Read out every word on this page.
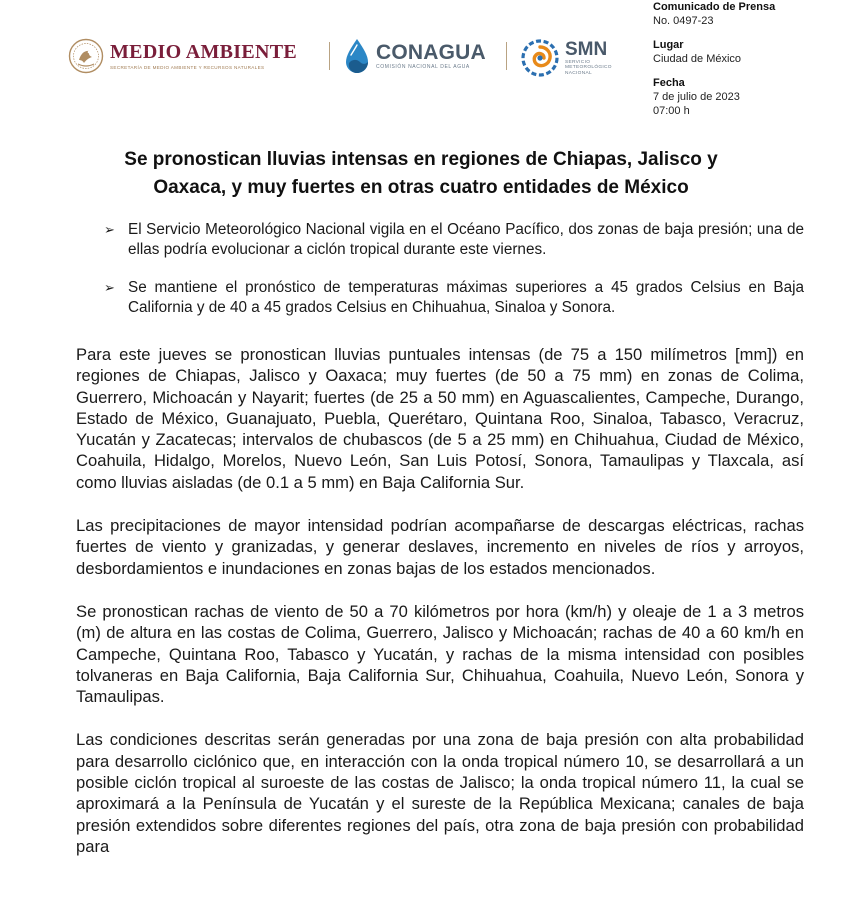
MEDIO AMBIENTE
SECRETARÍA DE MEDIO AMBIENTE Y RECURSOS NATURALES
CONAGUA
COMISIÓN NACIONAL DEL AGUA
SMN
SERVICIO
METEOROLÓGICO
NACIONAL
Comunicado de Prensa
No. 0497-23
Lugar
Ciudad de México
Fecha
7 de julio de 2023
07:00 h
Se pronostican lluvias intensas en regiones de Chiapas, Jalisco y
Oaxaca, y muy fuertes en otras cuatro entidades de México
➢ El Servicio Meteorológico Nacional vigila en el Océano Pacífico, dos zonas de baja presión; una de ellas podría evolucionar a ciclón tropical durante este viernes.
➢ Se mantiene el pronóstico de temperaturas máximas superiores a 45 grados Celsius en Baja California y de 40 a 45 grados Celsius en Chihuahua, Sinaloa y Sonora.

Para este jueves se pronostican lluvias puntuales intensas (de 75 a 150 milímetros [mm]) en regiones de Chiapas, Jalisco y Oaxaca; muy fuertes (de 50 a 75 mm) en zonas de Colima, Guerrero, Michoacán y Nayarit; fuertes (de 25 a 50 mm) en Aguascalientes, Campeche, Durango, Estado de México, Guanajuato, Puebla, Querétaro, Quintana Roo, Sinaloa, Tabasco, Veracruz, Yucatán y Zacatecas; intervalos de chubascos (de 5 a 25 mm) en Chihuahua, Ciudad de México, Coahuila, Hidalgo, Morelos, Nuevo León, San Luis Potosí, Sonora, Tamaulipas y Tlaxcala, así como lluvias aisladas (de 0.1 a 5 mm) en Baja California Sur.

Las precipitaciones de mayor intensidad podrían acompañarse de descargas eléctricas, rachas fuertes de viento y granizadas, y generar deslaves, incremento en niveles de ríos y arroyos, desbordamientos e inundaciones en zonas bajas de los estados mencionados.

Se pronostican rachas de viento de 50 a 70 kilómetros por hora (km/h) y oleaje de 1 a 3 metros (m) de altura en las costas de Colima, Guerrero, Jalisco y Michoacán; rachas de 40 a 60 km/h en Campeche, Quintana Roo, Tabasco y Yucatán, y rachas de la misma intensidad con posibles tolvaneras en Baja California, Baja California Sur, Chihuahua, Coahuila, Nuevo León, Sonora y Tamaulipas.

Las condiciones descritas serán generadas por una zona de baja presión con alta probabilidad para desarrollo ciclónico que, en interacción con la onda tropical número 10, se desarrollará a un posible ciclón tropical al suroeste de las costas de Jalisco; la onda tropical número 11, la cual se aproximará a la Península de Yucatán y el sureste de la República Mexicana; canales de baja presión extendidos sobre diferentes regiones del país, otra zona de baja presión con probabilidad para
